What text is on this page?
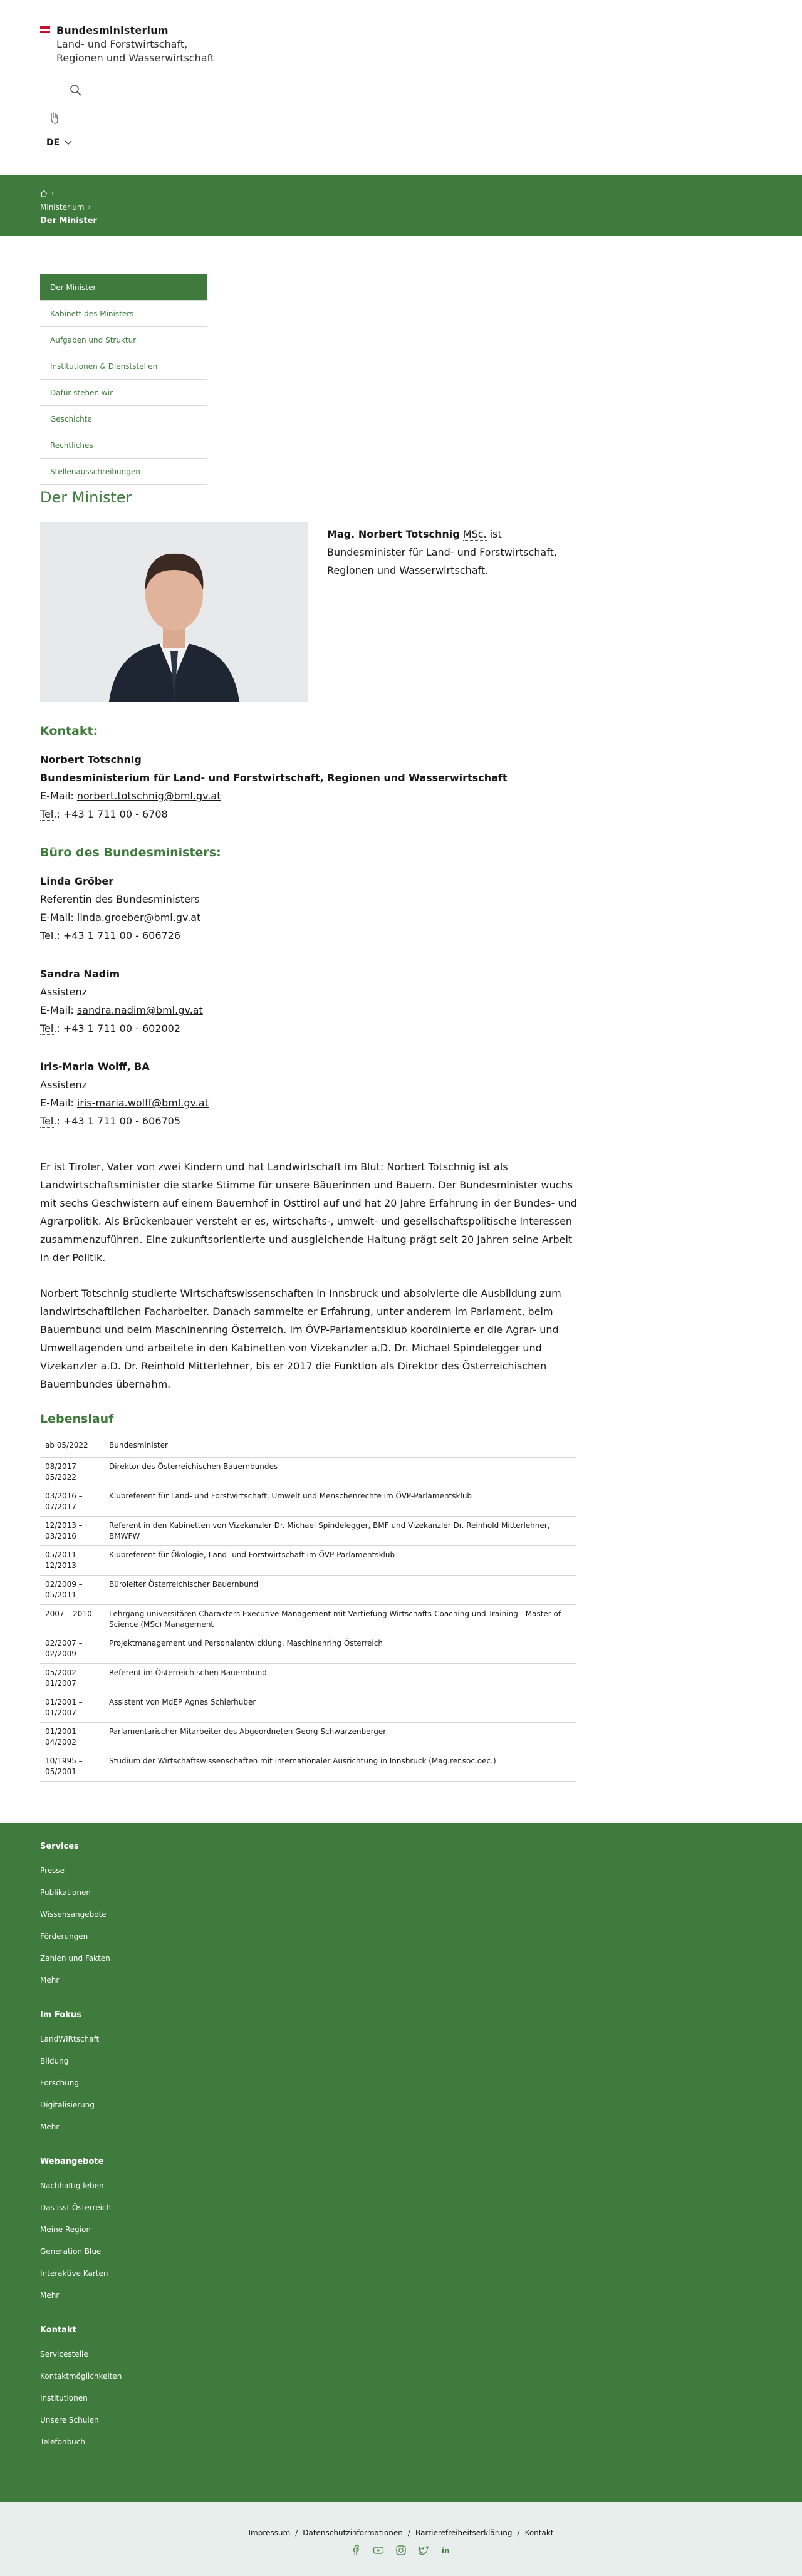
Bundesministerium
Land- und Forstwirtschaft,
Regionen und Wasserwirtschaft
DE
›
Ministerium ›
Der Minister
Der Minister
Kabinett des Ministers
Aufgaben und Struktur
Institutionen & Dienststellen
Dafür stehen wir
Geschichte
Rechtliches
Stellenausschreibungen
Der Minister
Mag. Norbert Totschnig MSc. ist Bundesminister für Land- und Forstwirtschaft, Regionen und Wasserwirtschaft.
Kontakt:
Norbert Totschnig
Bundesministerium für Land- und Forstwirtschaft, Regionen und Wasserwirtschaft
E-Mail: norbert.totschnig@bml.gv.at
Tel.: +43 1 711 00 - 6708
Büro des Bundesministers:
Linda Gröber
Referentin des Bundesministers
E-Mail: linda.groeber@bml.gv.at
Tel.: +43 1 711 00 - 606726
Sandra Nadim
Assistenz
E-Mail: sandra.nadim@bml.gv.at
Tel.: +43 1 711 00 - 602002
Iris-Maria Wolff, BA
Assistenz
E-Mail: iris-maria.wolff@bml.gv.at
Tel.: +43 1 711 00 - 606705

Er ist Tiroler, Vater von zwei Kindern und hat Landwirtschaft im Blut: Norbert Totschnig ist als Landwirtschaftsminister die starke Stimme für unsere Bäuerinnen und Bauern. Der Bundesminister wuchs mit sechs Geschwistern auf einem Bauernhof in Osttirol auf und hat 20 Jahre Erfahrung in der Bundes- und Agrarpolitik. Als Brückenbauer versteht er es, wirtschafts-, umwelt- und gesellschaftspolitische Interessen zusammenzuführen. Eine zukunftsorientierte und ausgleichende Haltung prägt seit 20 Jahren seine Arbeit in der Politik.

Norbert Totschnig studierte Wirtschaftswissenschaften in Innsbruck und absolvierte die Ausbildung zum landwirtschaftlichen Facharbeiter. Danach sammelte er Erfahrung, unter anderem im Parlament, beim Bauernbund und beim Maschinenring Österreich. Im ÖVP-Parlamentsklub koordinierte er die Agrar- und Umweltagenden und arbeitete in den Kabinetten von Vizekanzler a.D. Dr. Michael Spindelegger und Vizekanzler a.D. Dr. Reinhold Mitterlehner, bis er 2017 die Funktion als Direktor des Österreichischen Bauernbundes übernahm.

Lebenslauf
ab 05/2022	Bundesminister
08/2017 – 05/2022	Direktor des Österreichischen Bauernbundes
03/2016 – 07/2017	Klubreferent für Land- und Forstwirtschaft, Umwelt und Menschenrechte im ÖVP-Parlamentsklub
12/2013 – 03/2016	Referent in den Kabinetten von Vizekanzler Dr. Michael Spindelegger, BMF und Vizekanzler Dr. Reinhold Mitterlehner, BMWFW
05/2011 – 12/2013	Klubreferent für Ökologie, Land- und Forstwirtschaft im ÖVP-Parlamentsklub
02/2009 – 05/2011	Büroleiter Österreichischer Bauernbund
2007 – 2010	Lehrgang universitären Charakters Executive Management mit Vertiefung Wirtschafts-Coaching und Training - Master of Science (MSc) Management
02/2007 – 02/2009	Projektmanagement und Personalentwicklung, Maschinenring Österreich
05/2002 – 01/2007	Referent im Österreichischen Bauernbund
01/2001 – 01/2007	Assistent von MdEP Agnes Schierhuber
01/2001 – 04/2002	Parlamentarischer Mitarbeiter des Abgeordneten Georg Schwarzenberger
10/1995 – 05/2001	Studium der Wirtschaftswissenschaften mit internationaler Ausrichtung in Innsbruck (Mag.rer.soc.oec.)
Services
Presse
Publikationen
Wissensangebote
Förderungen
Zahlen und Fakten
Mehr
Im Fokus
LandWIRtschaft
Bildung
Forschung
Digitalisierung
Mehr
Webangebote
Nachhaltig leben
Das isst Österreich
Meine Region
Generation Blue
Interaktive Karten
Mehr
Kontakt
Servicestelle
Kontaktmöglichkeiten
Institutionen
Unsere Schulen
Telefonbuch
Impressum / Datenschutzinformationen / Barrierefreiheitserklärung / Kontakt
in
